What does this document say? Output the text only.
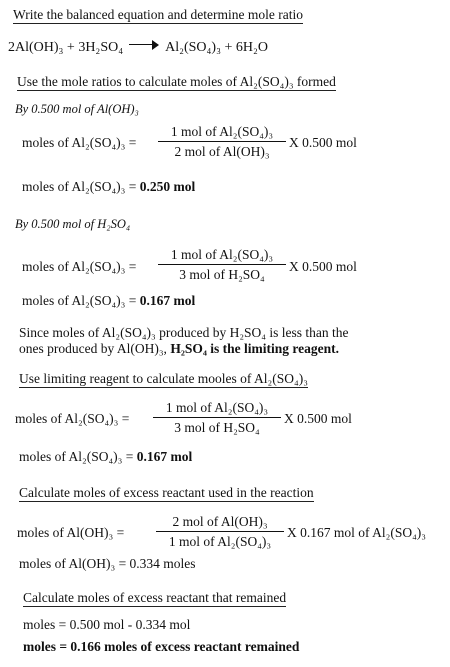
Write the balanced equation and determine mole ratio
2Al(OH)₃ + 3H₂SO₄	Al₂(SO₄)₃ + 6H₂O
Use the mole ratios to calculate moles of Al₂(SO₄)₃ formed
By 0.500 mol of Al(OH)₃
moles of Al₂(SO₄)₃ =
1 mol of Al₂(SO₄)₃
2 mol of Al(OH)₃
X 0.500 mol
moles of Al₂(SO₄)₃ = 0.250 mol
By 0.500 mol of H₂SO₄
moles of Al₂(SO₄)₃ =
1 mol of Al₂(SO₄)₃
3 mol of H₂SO₄
X 0.500 mol
moles of Al₂(SO₄)₃ = 0.167 mol
Since moles of Al₂(SO₄)₃ produced by H₂SO₄ is less than the
ones produced by Al(OH)₃, H₂SO₄ is the limiting reagent.
Use limiting reagent to calculate mooles of Al₂(SO₄)₃
moles of Al₂(SO₄)₃ =
1 mol of Al₂(SO₄)₃
3 mol of H₂SO₄
X 0.500 mol
moles of Al₂(SO₄)₃ = 0.167 mol
Calculate moles of excess reactant used in the reaction
moles of Al(OH)₃ =
2 mol of Al(OH)₃
1 mol of Al₂(SO₄)₃
X 0.167 mol of Al₂(SO₄)₃
moles of Al(OH)₃ = 0.334 moles
Calculate moles of excess reactant that remained
moles = 0.500 mol - 0.334 mol
moles = 0.166 moles of excess reactant remained
